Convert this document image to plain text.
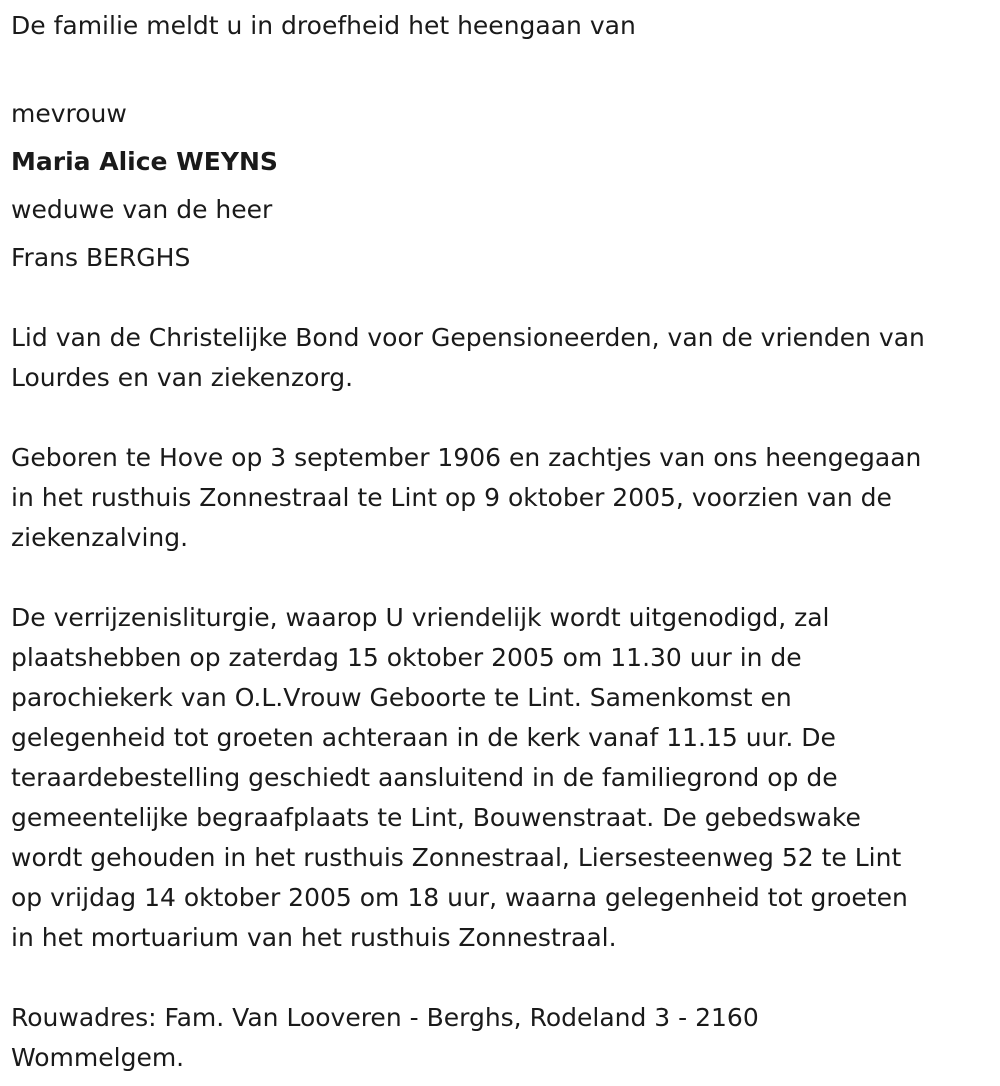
De familie meldt u in droefheid het heengaan van

mevrouw

Maria Alice WEYNS

weduwe van de heer

Frans BERGHS

Lid van de Christelijke Bond voor Gepensioneerden, van de vrienden van

Lourdes en van ziekenzorg.

Geboren te Hove op 3 september 1906 en zachtjes van ons heengegaan

in het rusthuis Zonnestraal te Lint op 9 oktober 2005, voorzien van de

ziekenzalving.

De verrijzenisliturgie, waarop U vriendelijk wordt uitgenodigd, zal

plaatshebben op zaterdag 15 oktober 2005 om 11.30 uur in de

parochiekerk van O.L.Vrouw Geboorte te Lint. Samenkomst en

gelegenheid tot groeten achteraan in de kerk vanaf 11.15 uur. De

teraardebestelling geschiedt aansluitend in de familiegrond op de

gemeentelijke begraafplaats te Lint, Bouwenstraat. De gebedswake

wordt gehouden in het rusthuis Zonnestraal, Liersesteenweg 52 te Lint

op vrijdag 14 oktober 2005 om 18 uur, waarna gelegenheid tot groeten

in het mortuarium van het rusthuis Zonnestraal.

Rouwadres: Fam. Van Looveren - Berghs, Rodeland 3 - 2160

Wommelgem.
